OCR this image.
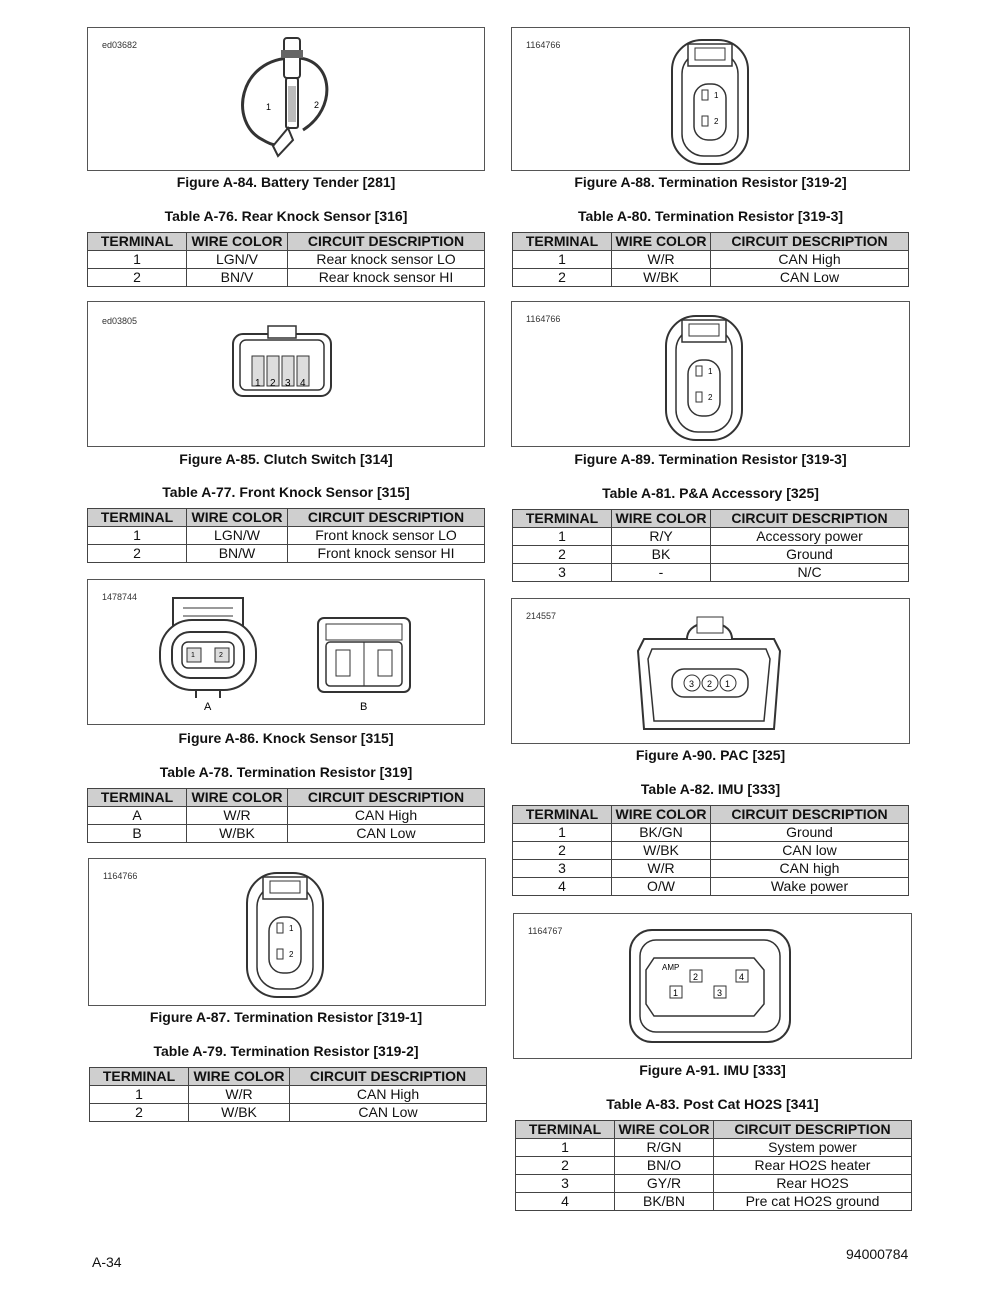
ed03682
1	2
Figure A-84. Battery Tender [281]
Table A-76. Rear Knock Sensor [316]
TERMINAL	WIRE COLOR	CIRCUIT DESCRIPTION
1	LGN/V	Rear knock sensor LO
2	BN/V	Rear knock sensor HI
ed03805
1 2 3 4
Figure A-85. Clutch Switch [314]
Table A-77. Front Knock Sensor [315]
TERMINAL	WIRE COLOR	CIRCUIT DESCRIPTION
1	LGN/W	Front knock sensor LO
2	BN/W	Front knock sensor HI
1478744
1	2
A	B
Figure A-86. Knock Sensor [315]
Table A-78. Termination Resistor [319]
TERMINAL	WIRE COLOR	CIRCUIT DESCRIPTION
A	W/R	CAN High
B	W/BK	CAN Low
1164766
1
2
Figure A-87. Termination Resistor [319-1]
Table A-79. Termination Resistor [319-2]
TERMINAL	WIRE COLOR	CIRCUIT DESCRIPTION
1	W/R	CAN High
2	W/BK	CAN Low
1164766
1
2
Figure A-88. Termination Resistor [319-2]
Table A-80. Termination Resistor [319-3]
TERMINAL	WIRE COLOR	CIRCUIT DESCRIPTION
1	W/R	CAN High
2	W/BK	CAN Low
1164766
1
2
Figure A-89. Termination Resistor [319-3]
Table A-81. P&A Accessory [325]
TERMINAL	WIRE COLOR	CIRCUIT DESCRIPTION
1	R/Y	Accessory power
2	BK	Ground
3	-	N/C
214557
3 2 1
Figure A-90. PAC [325]
Table A-82. IMU [333]
TERMINAL	WIRE COLOR	CIRCUIT DESCRIPTION
1	BK/GN	Ground
2	W/BK	CAN low
3	W/R	CAN high
4	O/W	Wake power
1164767
AMP
1
2
3
4
Figure A-91. IMU [333]
Table A-83. Post Cat HO2S [341]
TERMINAL	WIRE COLOR	CIRCUIT DESCRIPTION
1	R/GN	System power
2	BN/O	Rear HO2S heater
3	GY/R	Rear HO2S
4	BK/BN	Pre cat HO2S ground
A-34	94000784
